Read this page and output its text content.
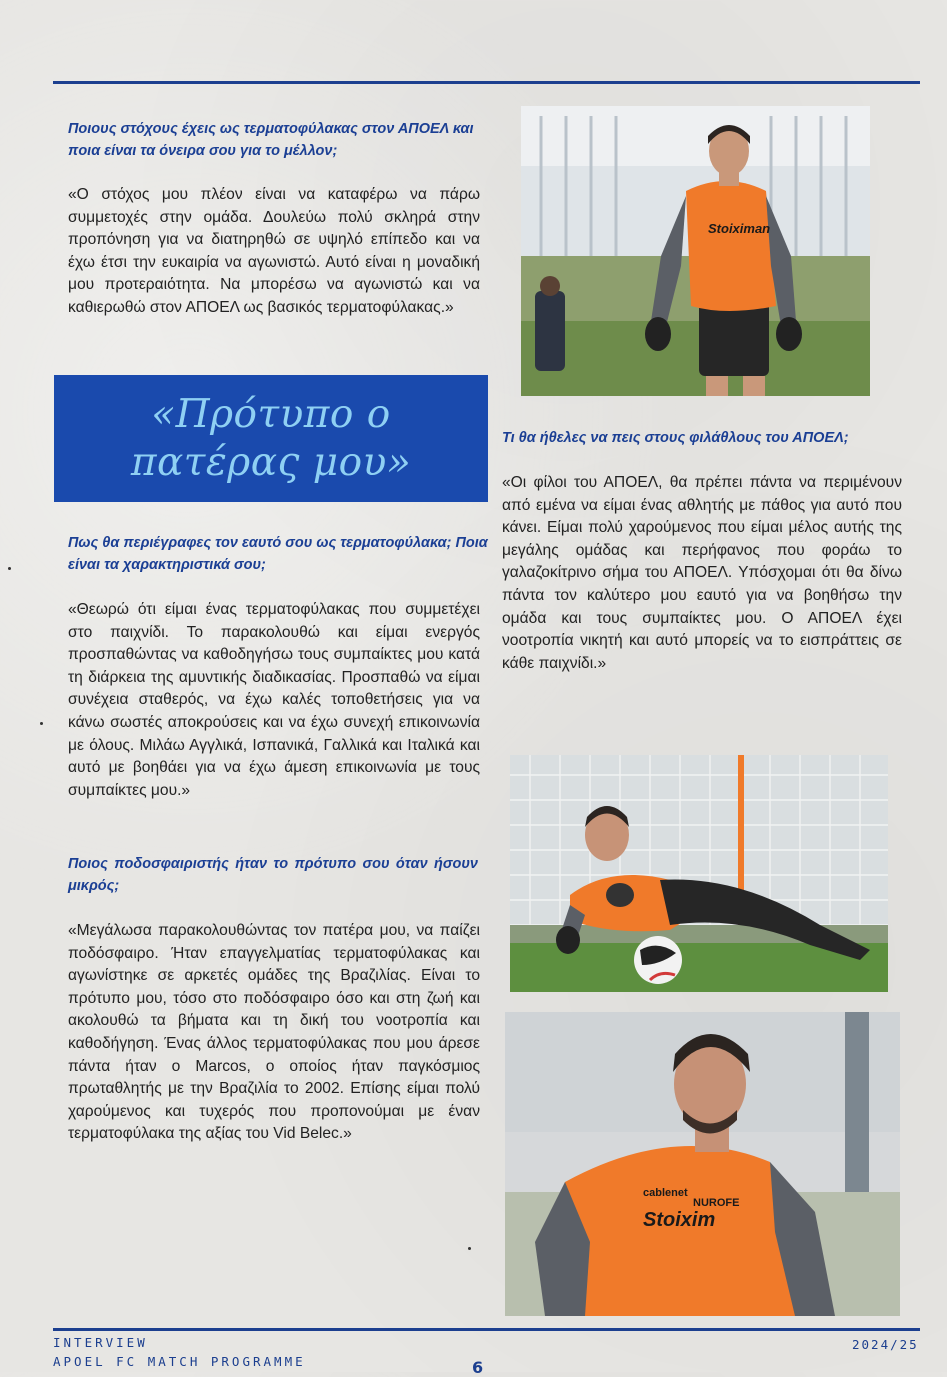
Ποιους στόχους έχεις ως τερματοφύλακας στον ΑΠΟΕΛ και ποια είναι τα όνειρα σου για το μέλλον;

«Ο στόχος μου πλέον είναι να καταφέρω να πάρω συμμετοχές στην ομάδα. Δουλεύω πολύ σκληρά στην προπόνηση για να διατηρηθώ σε υψηλό επίπεδο και να έχω έτσι την ευκαιρία να αγωνιστώ. Αυτό είναι η μοναδική μου προτεραιότητα. Να μπορέσω να αγωνιστώ και να καθιερωθώ στον ΑΠΟΕΛ ως βασικός τερματοφύλακας.»

«Πρότυπο ο πατέρας μου»

Πως θα περιέγραφες τον εαυτό σου ως τερματοφύλακα; Ποια είναι τα χαρακτηριστικά σου;

«Θεωρώ ότι είμαι ένας τερματοφύλακας που συμμετέχει στο παιχνίδι. Το παρακολουθώ και είμαι ενεργός προσπαθώντας να καθοδηγήσω τους συμπαίκτες μου κατά τη διάρκεια της αμυντικής διαδικασίας. Προσπαθώ να είμαι συνέχεια σταθερός, να έχω καλές τοποθετήσεις για να κάνω σωστές αποκρούσεις και να έχω συνεχή επικοινωνία με όλους. Μιλάω Αγγλικά, Ισπανικά, Γαλλικά και Ιταλικά και αυτό με βοηθάει για να έχω άμεση επικοινωνία με τους συμπαίκτες μου.»

Ποιος ποδοσφαιριστής ήταν το πρότυπο σου όταν ήσουν μικρός;

«Μεγάλωσα παρακολουθώντας τον πατέρα μου, να παίζει ποδόσφαιρο. Ήταν επαγγελματίας τερματοφύλακας και αγωνίστηκε σε αρκετές ομάδες της Βραζιλίας. Είναι το πρότυπο μου, τόσο στο ποδόσφαιρο όσο και στη ζωή και ακολουθώ τα βήματα και τη δική του νοοτροπία και καθοδήγηση. Ένας άλλος τερματοφύλακας που μου άρεσε πάντα ήταν ο Marcos, ο οποίος ήταν παγκόσμιος πρωταθλητής με την Βραζιλία το 2002. Επίσης είμαι πολύ χαρούμενος και τυχερός που προπονούμαι με έναν τερματοφύλακα της αξίας του Vid Belec.»

Τι θα ήθελες να πεις στους φιλάθλους του ΑΠΟΕΛ;

«Οι φίλοι του ΑΠΟΕΛ, θα πρέπει πάντα να περιμένουν από εμένα να είμαι ένας αθλητής με πάθος για αυτό που κάνει. Είμαι πολύ χαρούμενος που είμαι μέλος αυτής της μεγάλης ομάδας και περήφανος που φοράω το γαλαζοκίτρινο σήμα του ΑΠΟΕΛ. Υπόσχομαι ότι θα δίνω πάντα τον καλύτερο μου εαυτό για να βοηθήσω την ομάδα και τους συμπαίκτες μου. Ο ΑΠΟΕΛ έχει νοοτροπία νικητή και αυτό μπορείς να το εισπράττεις σε κάθε παιχνίδι.»

Stoiximan
cablenet
NUROFE
Stoixim
INTERVIEW
APOEL FC MATCH PROGRAMME
2024/25
6
